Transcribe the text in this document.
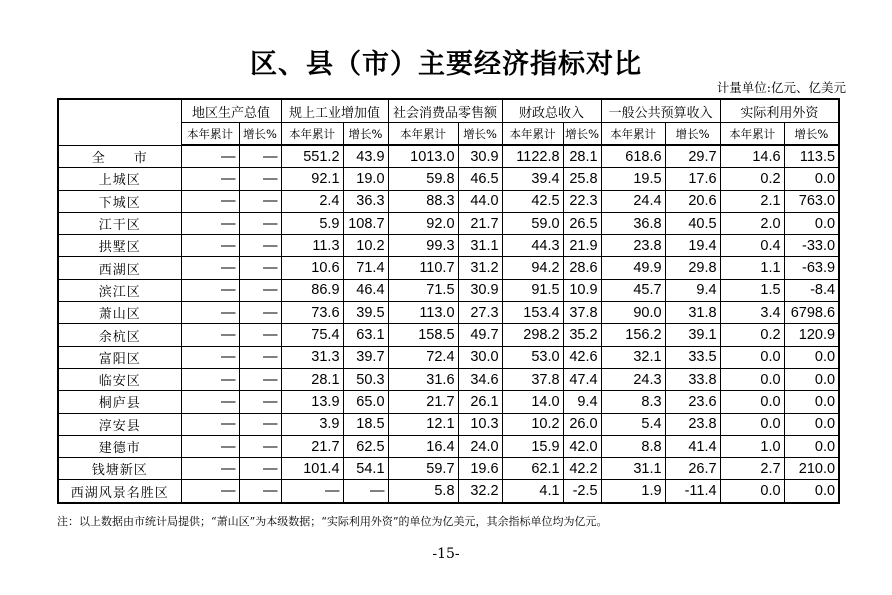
区、县（市）主要经济指标对比
计量单位:亿元、亿美元
	地区生产总值		规上工业增加值		社会消费品零售额		财政总收入		一般公共预算收入		实际利用外资	
	本年累计	增长%	本年累计	增长%	本年累计	增长%	本年累计	增长%	本年累计	增长%	本年累计	增长%
全　　市	—	—	551.2	43.9	1013.0	30.9	1122.8	28.1	618.6	29.7	14.6	113.5
上城区	—	—	92.1	19.0	59.8	46.5	39.4	25.8	19.5	17.6	0.2	0.0
下城区	—	—	2.4	36.3	88.3	44.0	42.5	22.3	24.4	20.6	2.1	763.0
江干区	—	—	5.9	108.7	92.0	21.7	59.0	26.5	36.8	40.5	2.0	0.0
拱墅区	—	—	11.3	10.2	99.3	31.1	44.3	21.9	23.8	19.4	0.4	-33.0
西湖区	—	—	10.6	71.4	110.7	31.2	94.2	28.6	49.9	29.8	1.1	-63.9
滨江区	—	—	86.9	46.4	71.5	30.9	91.5	10.9	45.7	9.4	1.5	-8.4
萧山区	—	—	73.6	39.5	113.0	27.3	153.4	37.8	90.0	31.8	3.4	6798.6
余杭区	—	—	75.4	63.1	158.5	49.7	298.2	35.2	156.2	39.1	0.2	120.9
富阳区	—	—	31.3	39.7	72.4	30.0	53.0	42.6	32.1	33.5	0.0	0.0
临安区	—	—	28.1	50.3	31.6	34.6	37.8	47.4	24.3	33.8	0.0	0.0
桐庐县	—	—	13.9	65.0	21.7	26.1	14.0	9.4	8.3	23.6	0.0	0.0
淳安县	—	—	3.9	18.5	12.1	10.3	10.2	26.0	5.4	23.8	0.0	0.0
建德市	—	—	21.7	62.5	16.4	24.0	15.9	42.0	8.8	41.4	1.0	0.0
钱塘新区	—	—	101.4	54.1	59.7	19.6	62.1	42.2	31.1	26.7	2.7	210.0
西湖风景名胜区	—	—	—	—	5.8	32.2	4.1	-2.5	1.9	-11.4	0.0	0.0
注：以上数据由市统计局提供；“萧山区”为本级数据；“实际利用外资”的单位为亿美元，其余指标单位均为亿元。
-15-
